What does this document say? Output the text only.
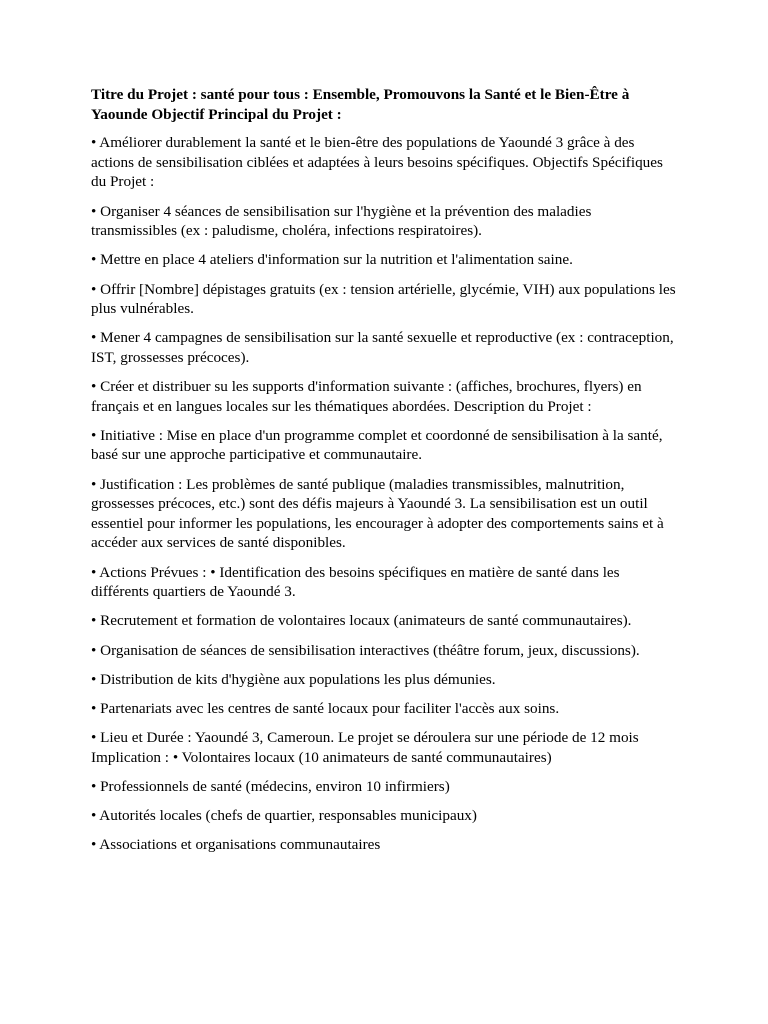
Titre du Projet : santé pour tous : Ensemble, Promouvons la Santé et le Bien-Être à Yaounde Objectif Principal du Projet :

• Améliorer durablement la santé et le bien-être des populations de Yaoundé 3 grâce à des actions de sensibilisation ciblées et adaptées à leurs besoins spécifiques. Objectifs Spécifiques du Projet :

• Organiser 4 séances de sensibilisation sur l'hygiène et la prévention des maladies transmissibles (ex : paludisme, choléra, infections respiratoires).

• Mettre en place 4 ateliers d'information sur la nutrition et l'alimentation saine.

• Offrir [Nombre] dépistages gratuits (ex : tension artérielle, glycémie, VIH) aux populations les plus vulnérables.

• Mener 4 campagnes de sensibilisation sur la santé sexuelle et reproductive (ex : contraception, IST, grossesses précoces).

• Créer et distribuer su les supports d'information suivante : (affiches, brochures, flyers) en français et en langues locales sur les thématiques abordées. Description du Projet :

• Initiative : Mise en place d'un programme complet et coordonné de sensibilisation à la santé, basé sur une approche participative et communautaire.

• Justification : Les problèmes de santé publique (maladies transmissibles, malnutrition, grossesses précoces, etc.) sont des défis majeurs à Yaoundé 3. La sensibilisation est un outil essentiel pour informer les populations, les encourager à adopter des comportements sains et à accéder aux services de santé disponibles.

• Actions Prévues : • Identification des besoins spécifiques en matière de santé dans les différents quartiers de Yaoundé 3.

• Recrutement et formation de volontaires locaux (animateurs de santé communautaires).

• Organisation de séances de sensibilisation interactives (théâtre forum, jeux, discussions).

• Distribution de kits d'hygiène aux populations les plus démunies.

• Partenariats avec les centres de santé locaux pour faciliter l'accès aux soins.

• Lieu et Durée : Yaoundé 3, Cameroun. Le projet se déroulera sur une période de 12 mois Implication : • Volontaires locaux (10 animateurs de santé communautaires)

• Professionnels de santé (médecins, environ 10 infirmiers)

• Autorités locales (chefs de quartier, responsables municipaux)

• Associations et organisations communautaires
